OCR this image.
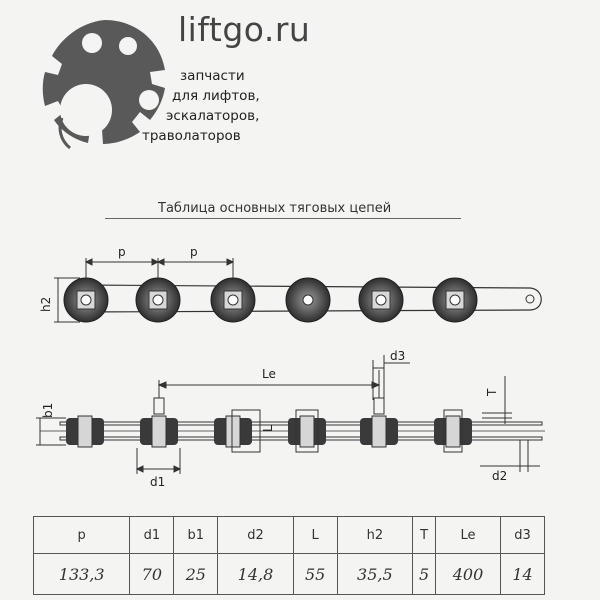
liftgo.ru
запчасти
для лифтов,
эскалаторов,
траволаторов
Таблица основных тяговых цепей
p	p
h2
Le
d3
b1
L
T
d1	d2
p	d1	b1	d2	L	h2	T	Le	d3
133,3	70	25	14,8	55	35,5	5	400	14
